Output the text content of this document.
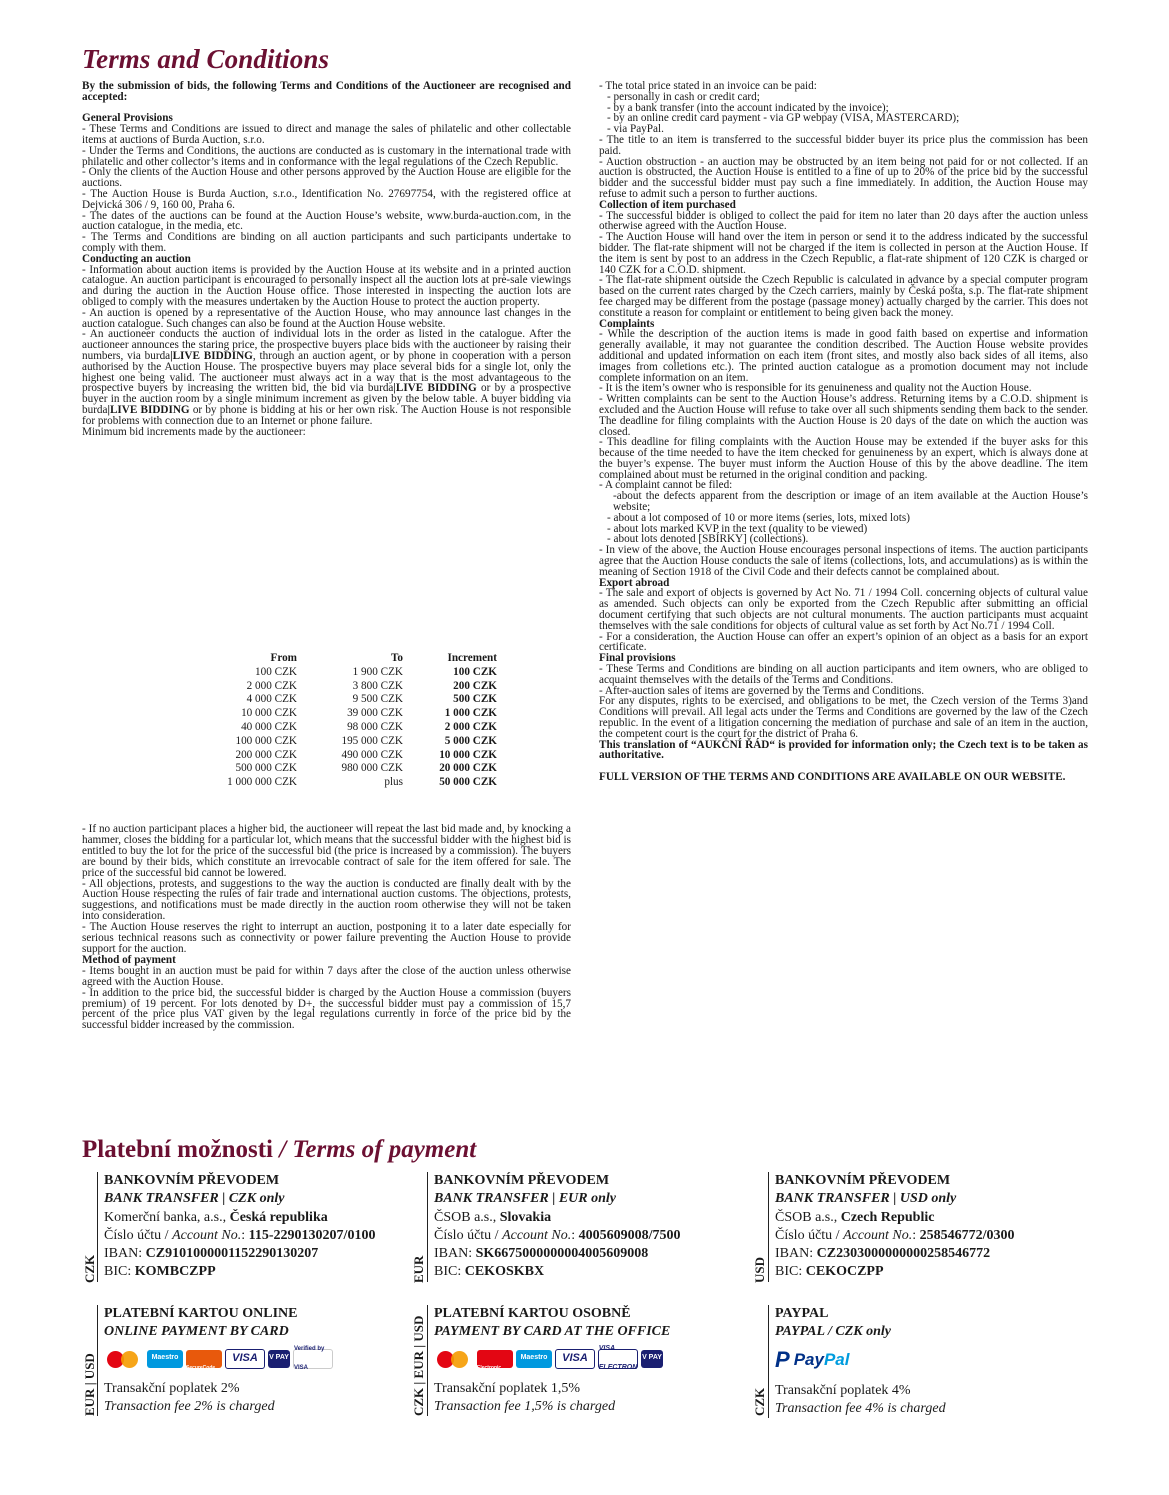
Terms and Conditions

By the submission of bids, the following Terms and Conditions of the Auctioneer are recognised and accepted:

General Provisions

- These Terms and Conditions are issued to direct and manage the sales of philatelic and other collectable items at auctions of Burda Auction, s.r.o.

- Under the Terms and Conditions, the auctions are conducted as is customary in the international trade with philatelic and other collector’s items and in conformance with the legal regulations of the Czech Republic.

- Only the clients of the Auction House and other persons approved by the Auction House are eligible for the auctions.

- The Auction House is Burda Auction, s.r.o., Identification No. 27697754, with the registered office at Dejvická 306 / 9, 160 00, Praha 6.

- The dates of the auctions can be found at the Auction House’s website, www.burda-auction.com, in the auction catalogue, in the media, etc.

- The Terms and Conditions are binding on all auction participants and such participants undertake to comply with them.

Conducting an auction

- Information about auction items is provided by the Auction House at its website and in a printed auction catalogue. An auction participant is encouraged to personally inspect all the auction lots at pre-sale viewings and during the auction in the Auction House office. Those interested in inspecting the auction lots are obliged to comply with the measures undertaken by the Auction House to protect the auction property.

- An auction is opened by a representative of the Auction House, who may announce last changes in the auction catalogue. Such changes can also be found at the Auction House website.

- An auctioneer conducts the auction of individual lots in the order as listed in the catalogue. After the auctioneer announces the staring price, the prospective buyers place bids with the auctioneer by raising their numbers, via burda|LIVE BIDDING, through an auction agent, or by phone in cooperation with a person authorised by the Auction House. The prospective buyers may place several bids for a single lot, only the highest one being valid. The auctioneer must always act in a way that is the most advantageous to the prospective buyers by increasing the written bid, the bid via burda|LIVE BIDDING or by a prospective buyer in the auction room by a single minimum increment as given by the below table. A buyer bidding via burda|LIVE BIDDING or by phone is bidding at his or her own risk. The Auction House is not responsible for problems with connection due to an Internet or phone failure.

Minimum bid increments made by the auctioneer:

From	To	Increment
100 CZK	1 900 CZK	100 CZK
2 000 CZK	3 800 CZK	200 CZK
4 000 CZK	9 500 CZK	500 CZK
10 000 CZK	39 000 CZK	1 000 CZK
40 000 CZK	98 000 CZK	2 000 CZK
100 000 CZK	195 000 CZK	5 000 CZK
200 000 CZK	490 000 CZK	10 000 CZK
500 000 CZK	980 000 CZK	20 000 CZK
1 000 000 CZK	plus	50 000 CZK

- If no auction participant places a higher bid, the auctioneer will repeat the last bid made and, by knocking a hammer, closes the bidding for a particular lot, which means that the successful bidder with the highest bid is entitled to buy the lot for the price of the successful bid (the price is increased by a commission). The buyers are bound by their bids, which constitute an irrevocable contract of sale for the item offered for sale. The price of the successful bid cannot be lowered.

- All objections, protests, and suggestions to the way the auction is conducted are finally dealt with by the Auction House respecting the rules of fair trade and international auction customs. The objections, protests, suggestions, and notifications must be made directly in the auction room otherwise they will not be taken into consideration.

- The Auction House reserves the right to interrupt an auction, postponing it to a later date especially for serious technical reasons such as connectivity or power failure preventing the Auction House to provide support for the auction.

Method of payment

- Items bought in an auction must be paid for within 7 days after the close of the auction unless otherwise agreed with the Auction House.

- In addition to the price bid, the successful bidder is charged by the Auction House a commission (buyers premium) of 19 percent. For lots denoted by D+, the successful bidder must pay a commission of 15,7 percent of the price plus VAT given by the legal regulations currently in force of the price bid by the successful bidder increased by the commission.

- The total price stated in an invoice can be paid:

- personally in cash or credit card;

- by a bank transfer (into the account indicated by the invoice);

- by an online credit card payment - via GP webpay (VISA, MASTERCARD);

- via PayPal.

- The title to an item is transferred to the successful bidder buyer its price plus the commission has been paid.

- Auction obstruction - an auction may be obstructed by an item being not paid for or not collected. If an auction is obstructed, the Auction House is entitled to a fine of up to 20% of the price bid by the successful bidder and the successful bidder must pay such a fine immediately. In addition, the Auction House may refuse to admit such a person to further auctions.

Collection of item purchased

- The successful bidder is obliged to collect the paid for item no later than 20 days after the auction unless otherwise agreed with the Auction House.

- The Auction House will hand over the item in person or send it to the address indicated by the successful bidder. The flat-rate shipment will not be charged if the item is collected in person at the Auction House. If the item is sent by post to an address in the Czech Republic, a flat-rate shipment of 120 CZK is charged or 140 CZK for a C.O.D. shipment.

- The flat-rate shipment outside the Czech Republic is calculated in advance by a special computer program based on the current rates charged by the Czech carriers, mainly by Česká pošta, s.p. The flat-rate shipment fee charged may be different from the postage (passage money) actually charged by the carrier. This does not constitute a reason for complaint or entitlement to being given back the money.

Complaints

- While the description of the auction items is made in good faith based on expertise and information generally available, it may not guarantee the condition described. The Auction House website provides additional and updated information on each item (front sites, and mostly also back sides of all items, also images from colletions etc.). The printed auction catalogue as a promotion document may not include complete information on an item.

- It is the item’s owner who is responsible for its genuineness and quality not the Auction House.

- Written complaints can be sent to the Auction House’s address. Returning items by a C.O.D. shipment is excluded and the Auction House will refuse to take over all such shipments sending them back to the sender. The deadline for filing complaints with the Auction House is 20 days of the date on which the auction was closed.

- This deadline for filing complaints with the Auction House may be extended if the buyer asks for this because of the time needed to have the item checked for genuineness by an expert, which is always done at the buyer’s expense. The buyer must inform the Auction House of this by the above deadline. The item complained about must be returned in the original condition and packing.

- A complaint cannot be filed:

-about the defects apparent from the description or image of an item available at the Auction House’s website;

- about a lot composed of 10 or more items (series, lots, mixed lots)

- about lots marked KVP in the text (quality to be viewed)

- about lots denoted [SBÍRKY] (collections).

- In view of the above, the Auction House encourages personal inspections of items. The auction participants agree that the Auction House conducts the sale of items (collections, lots, and accumulations) as is within the meaning of Section 1918 of the Civil Code and their defects cannot be complained about.

Export abroad

- The sale and export of objects is governed by Act No. 71 / 1994 Coll. concerning objects of cultural value as amended. Such objects can only be exported from the Czech Republic after submitting an official document certifying that such objects are not cultural monuments. The auction participants must acquaint themselves with the sale conditions for objects of cultural value as set forth by Act No.71 / 1994 Coll.

- For a consideration, the Auction House can offer an expert’s opinion of an object as a basis for an export certificate.

Final provisions

- These Terms and Conditions are binding on all auction participants and item owners, who are obliged to acquaint themselves with the details of the Terms and Conditions.

- After-auction sales of items are governed by the Terms and Conditions.

For any disputes, rights to be exercised, and obligations to be met, the Czech version of the Terms 3)and Conditions will prevail. All legal acts under the Terms and Conditions are governed by the law of the Czech republic. In the event of a litigation concerning the mediation of purchase and sale of an item in the auction, the competent court is the court for the district of Praha 6.

This translation of “AUKČNÍ ŘÁD“ is provided for information only; the Czech text is to be taken as authoritative.

FULL VERSION OF THE TERMS AND CONDITIONS ARE AVAILABLE ON OUR WEBSITE.

Platební možnosti / Terms of payment
CZK
BANKOVNÍM PŘEVODEM
BANK TRANSFER | CZK only
Komerční banka, a.s., Česká republika
Číslo účtu / Account No.: 115-2290130207/0100
IBAN: CZ9101000001152290130207
BIC: KOMBCZPP	EUR
BANKOVNÍM PŘEVODEM
BANK TRANSFER | EUR only
ČSOB a.s., Slovakia
Číslo účtu / Account No.: 4005609008/7500
IBAN: SK6675000000004005609008
BIC: CEKOSKBX	USD
BANKOVNÍM PŘEVODEM
BANK TRANSFER | USD only
ČSOB a.s., Czech Republic
Číslo účtu / Account No.: 258546772/0300
IBAN: CZ2303000000000258546772
BIC: CEKOCZPP
EUR | USD
PLATEBNÍ KARTOU ONLINE
ONLINE PAYMENT BY CARD
Maestro
MasterCard SecureCode
VISA	V PAY
Verified by VISA
Transakční poplatek 2%
Transaction fee 2% is charged	CZK | EUR | USD
PLATEBNÍ KARTOU OSOBNĚ
PAYMENT BY CARD AT THE OFFICE
MasterCard Electronic
Maestro	VISA
VISA ELECTRON
V PAY
Transakční poplatek 1,5%
Transaction fee 1,5% is charged	CZK
PAYPAL
PAYPAL / CZK only
P PayPal
Transakční poplatek 4%
Transaction fee 4% is charged
